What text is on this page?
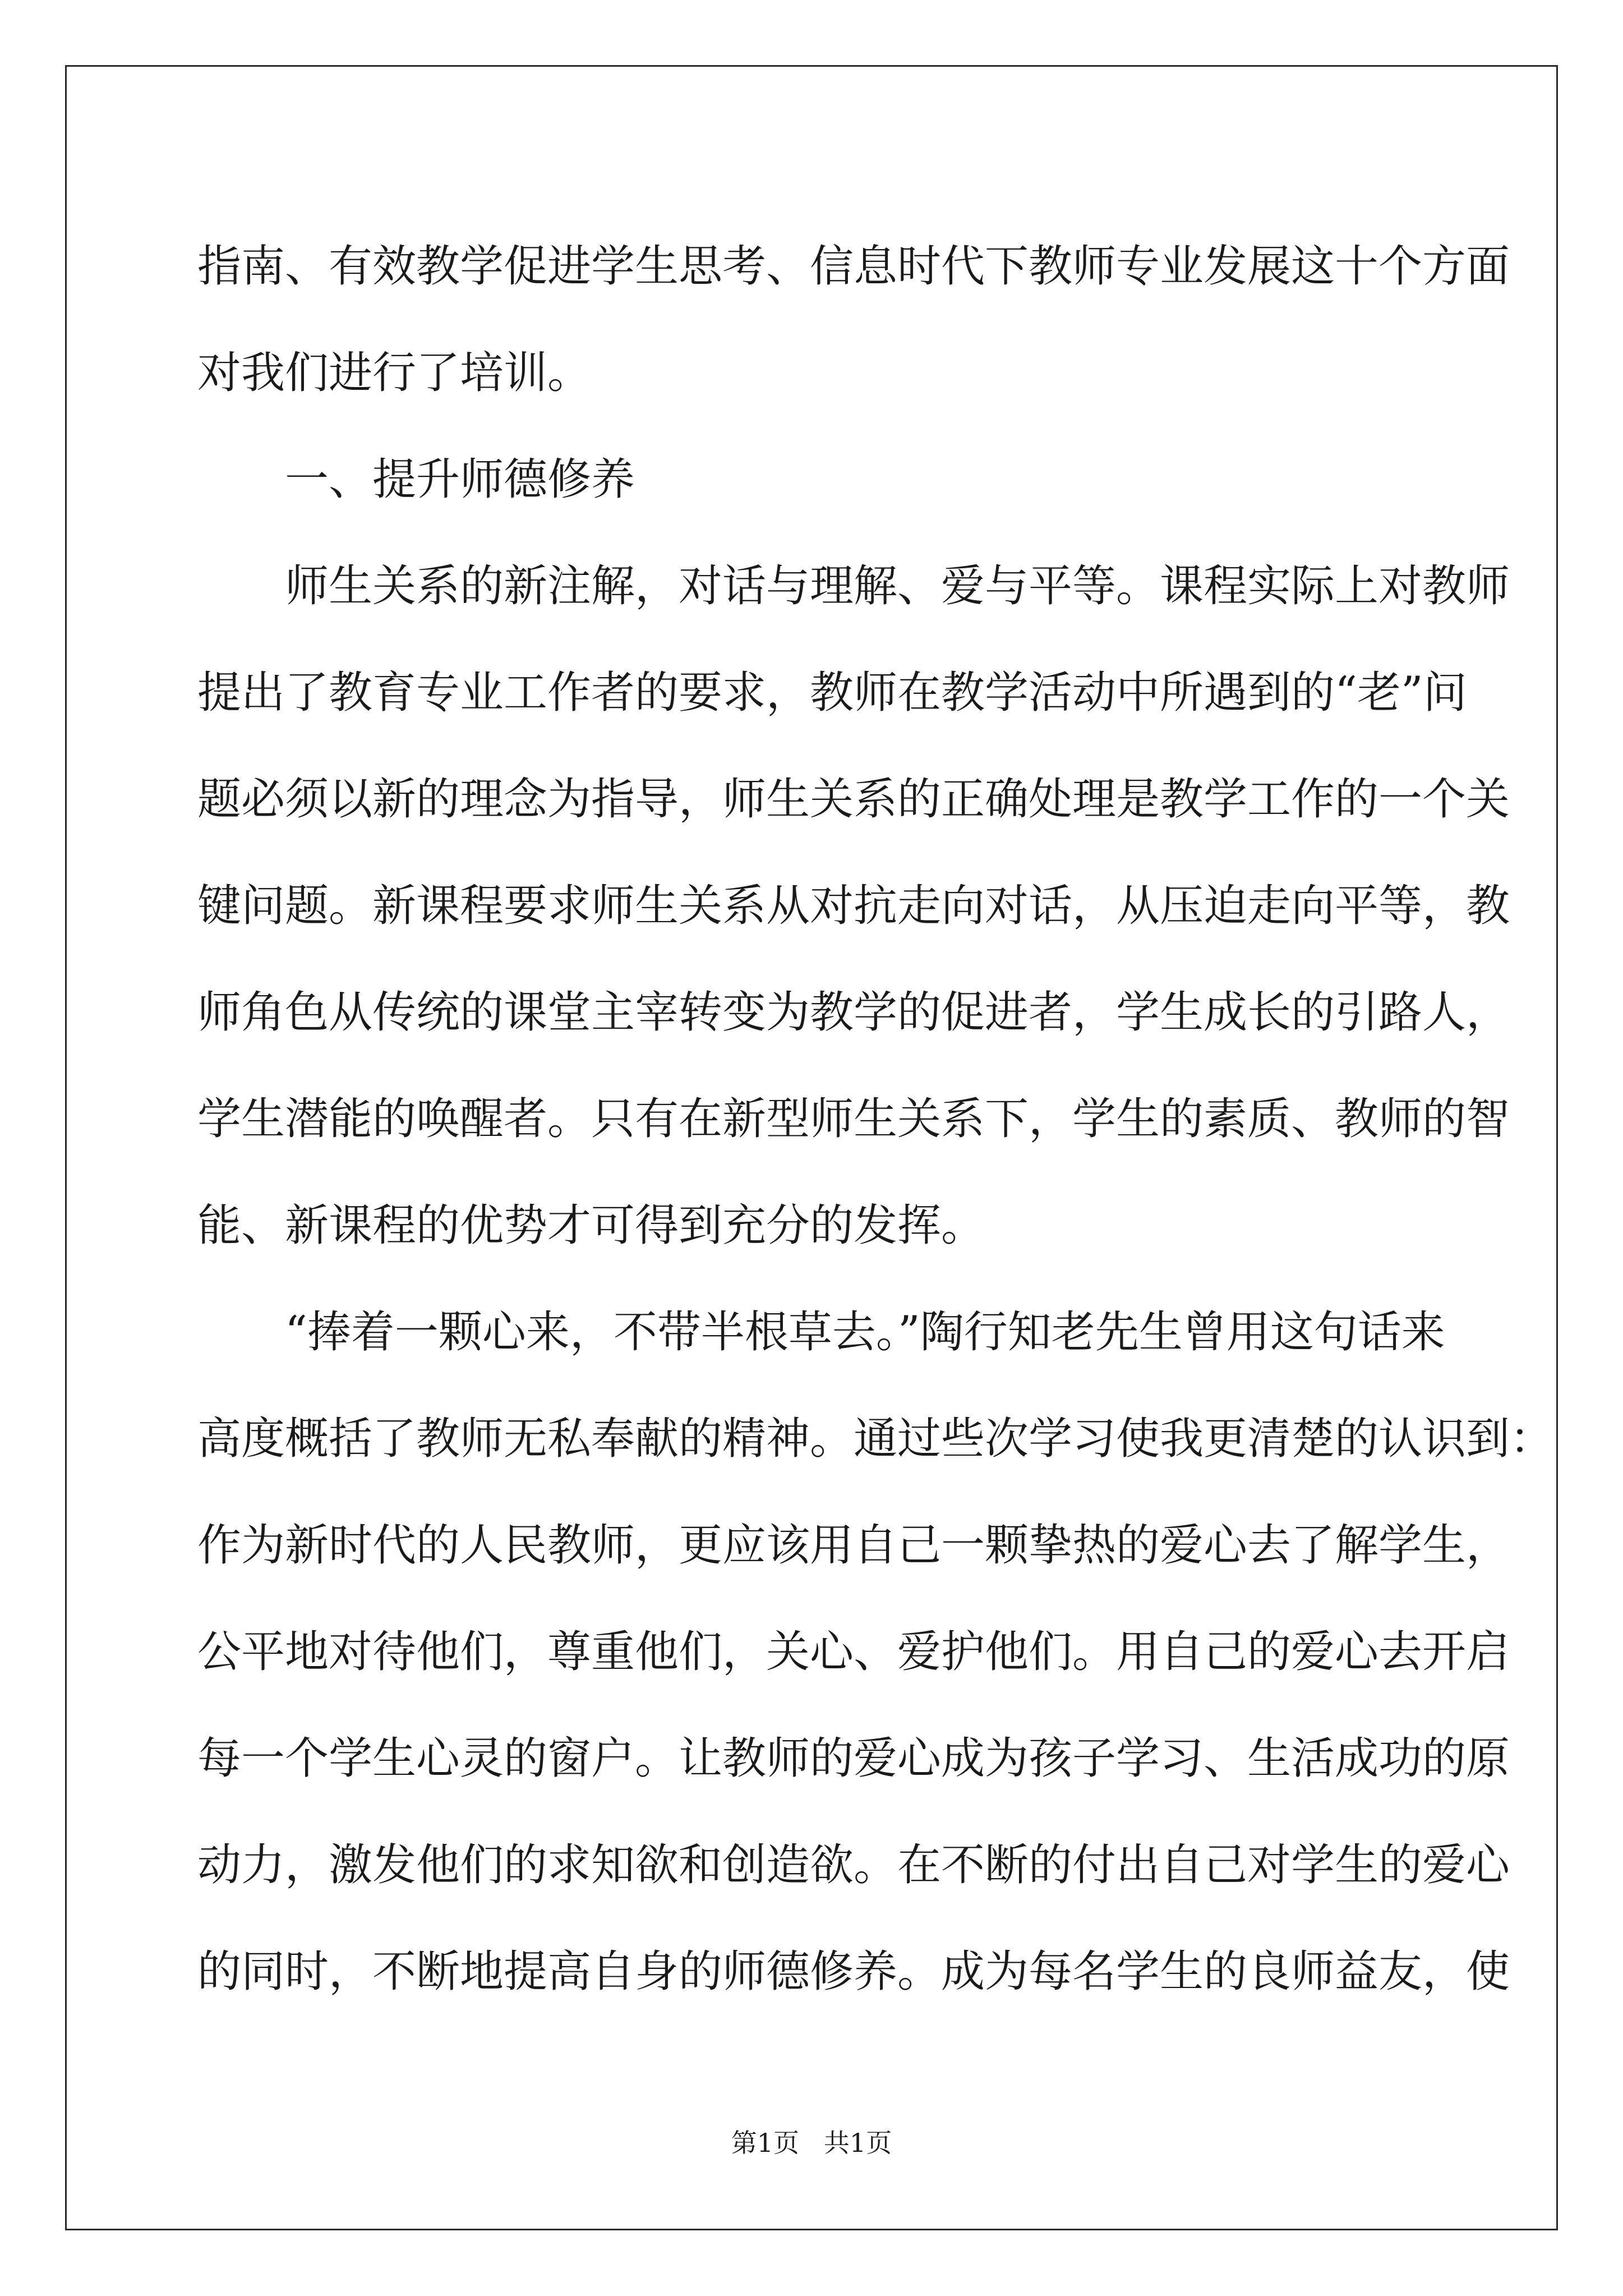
指南、有效教学促进学生思考、信息时代下教师专业发展这十个方面
对我们进行了培训。
一、提升师德修养
师生关系的新注解，对话与理解、爱与平等。课程实际上对教师
提出了教育专业工作者的要求，教师在教学活动中所遇到的“老”问
题必须以新的理念为指导，师生关系的正确处理是教学工作的一个关
键问题。新课程要求师生关系从对抗走向对话，从压迫走向平等，教
师角色从传统的课堂主宰转变为教学的促进者，学生成长的引路人，
学生潜能的唤醒者。只有在新型师生关系下，学生的素质、教师的智
能、新课程的优势才可得到充分的发挥。
“捧着一颗心来，不带半根草去。”陶行知老先生曾用这句话来
高度概括了教师无私奉献的精神。通过些次学习使我更清楚的认识到：
作为新时代的人民教师，更应该用自己一颗挚热的爱心去了解学生，
公平地对待他们，尊重他们，关心、爱护他们。用自己的爱心去开启
每一个学生心灵的窗户。让教师的爱心成为孩子学习、生活成功的原
动力，激发他们的求知欲和创造欲。在不断的付出自己对学生的爱心
的同时，不断地提高自身的师德修养。成为每名学生的良师益友，使
第1页   共1页
